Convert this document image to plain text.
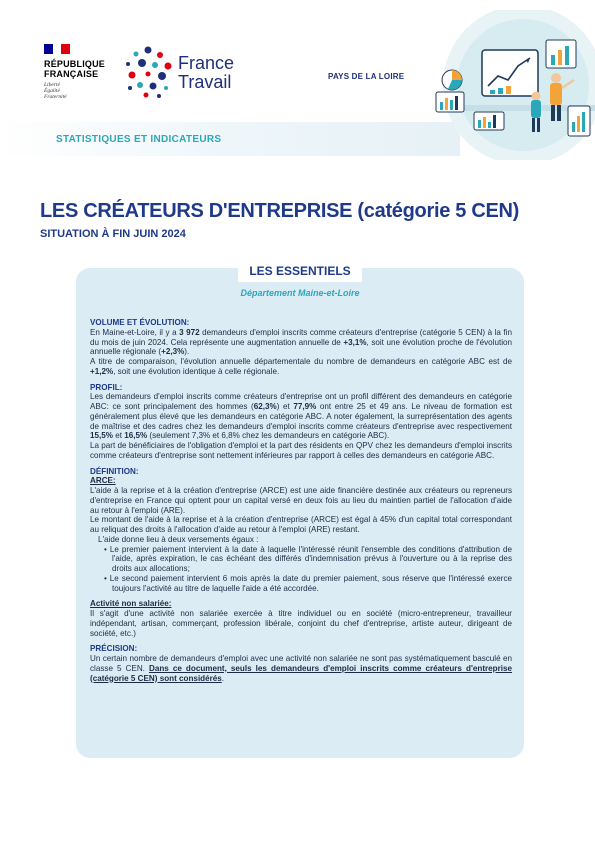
RÉPUBLIQUE
FRANÇAISE
Liberté
Égalité
Fraternité
France
Travail	PAYS DE LA LOIRE
STATISTIQUES ET INDICATEURS
LES CRÉATEURS D'ENTREPRISE (catégorie 5 CEN)
SITUATION À FIN JUIN 2024
LES ESSENTIELS
Département Maine-et-Loire

VOLUME ET ÉVOLUTION:

En Maine-et-Loire, il y a 3 972 demandeurs d'emploi inscrits comme créateurs d'entreprise (catégorie 5 CEN) à la fin du mois de juin 2024. Cela représente une augmentation annuelle de +3,1%, soit une évolution proche de l'évolution annuelle régionale (+2,3%).

A titre de comparaison, l'évolution annuelle départementale du nombre de demandeurs en catégorie ABC est de +1,2%, soit une évolution identique à celle régionale.

PROFIL:

Les demandeurs d'emploi inscrits comme créateurs d'entreprise ont un profil différent des demandeurs en catégorie ABC: ce sont principalement des hommes (62,3%) et 77,9% ont entre 25 et 49 ans. Le niveau de formation est généralement plus élevé que les demandeurs en catégorie ABC. A noter également, la surreprésentation des agents de maîtrise et des cadres chez les demandeurs d'emploi inscrits comme créateurs d'entreprise avec respectivement 15,5% et 16,5% (seulement 7,3% et 6,8% chez les demandeurs en catégorie ABC).

La part de bénéficiaires de l'obligation d'emploi et la part des résidents en QPV chez les demandeurs d'emploi inscrits comme créateurs d'entreprise sont nettement inférieures par rapport à celles des demandeurs en catégorie ABC.

DÉFINITION:

ARCE:

L'aide à la reprise et à la création d'entreprise (ARCE) est une aide financière destinée aux créateurs ou repreneurs d'entreprise en France qui optent pour un capital versé en deux fois au lieu du maintien partiel de l'allocation d'aide au retour à l'emploi (ARE).

Le montant de l'aide à la reprise et à la création d'entreprise (ARCE) est égal à 45% d'un capital total correspondant au reliquat des droits à l'allocation d'aide au retour à l'emploi (ARE) restant.

L'aide donne lieu à deux versements égaux :

• Le premier paiement intervient à la date à laquelle l'intéressé réunit l'ensemble des conditions d'attribution de l'aide, après expiration, le cas échéant des différés d'indemnisation prévus à l'ouverture ou à la reprise des droits aux allocations;

• Le second paiement intervient 6 mois après la date du premier paiement, sous réserve que l'intéressé exerce toujours l'activité au titre de laquelle l'aide a été accordée.

Activité non salariée:

Il s'agit d'une activité non salariée exercée à titre individuel ou en société (micro-entrepreneur, travailleur indépendant, artisan, commerçant, profession libérale, conjoint du chef d'entreprise, artiste auteur, dirigeant de société, etc.)

PRÉCISION:

Un certain nombre de demandeurs d'emploi avec une activité non salariée ne sont pas systématiquement basculé en classe 5 CEN. Dans ce document, seuls les demandeurs d'emploi inscrits comme créateurs d'entreprise (catégorie 5 CEN) sont considérés.
